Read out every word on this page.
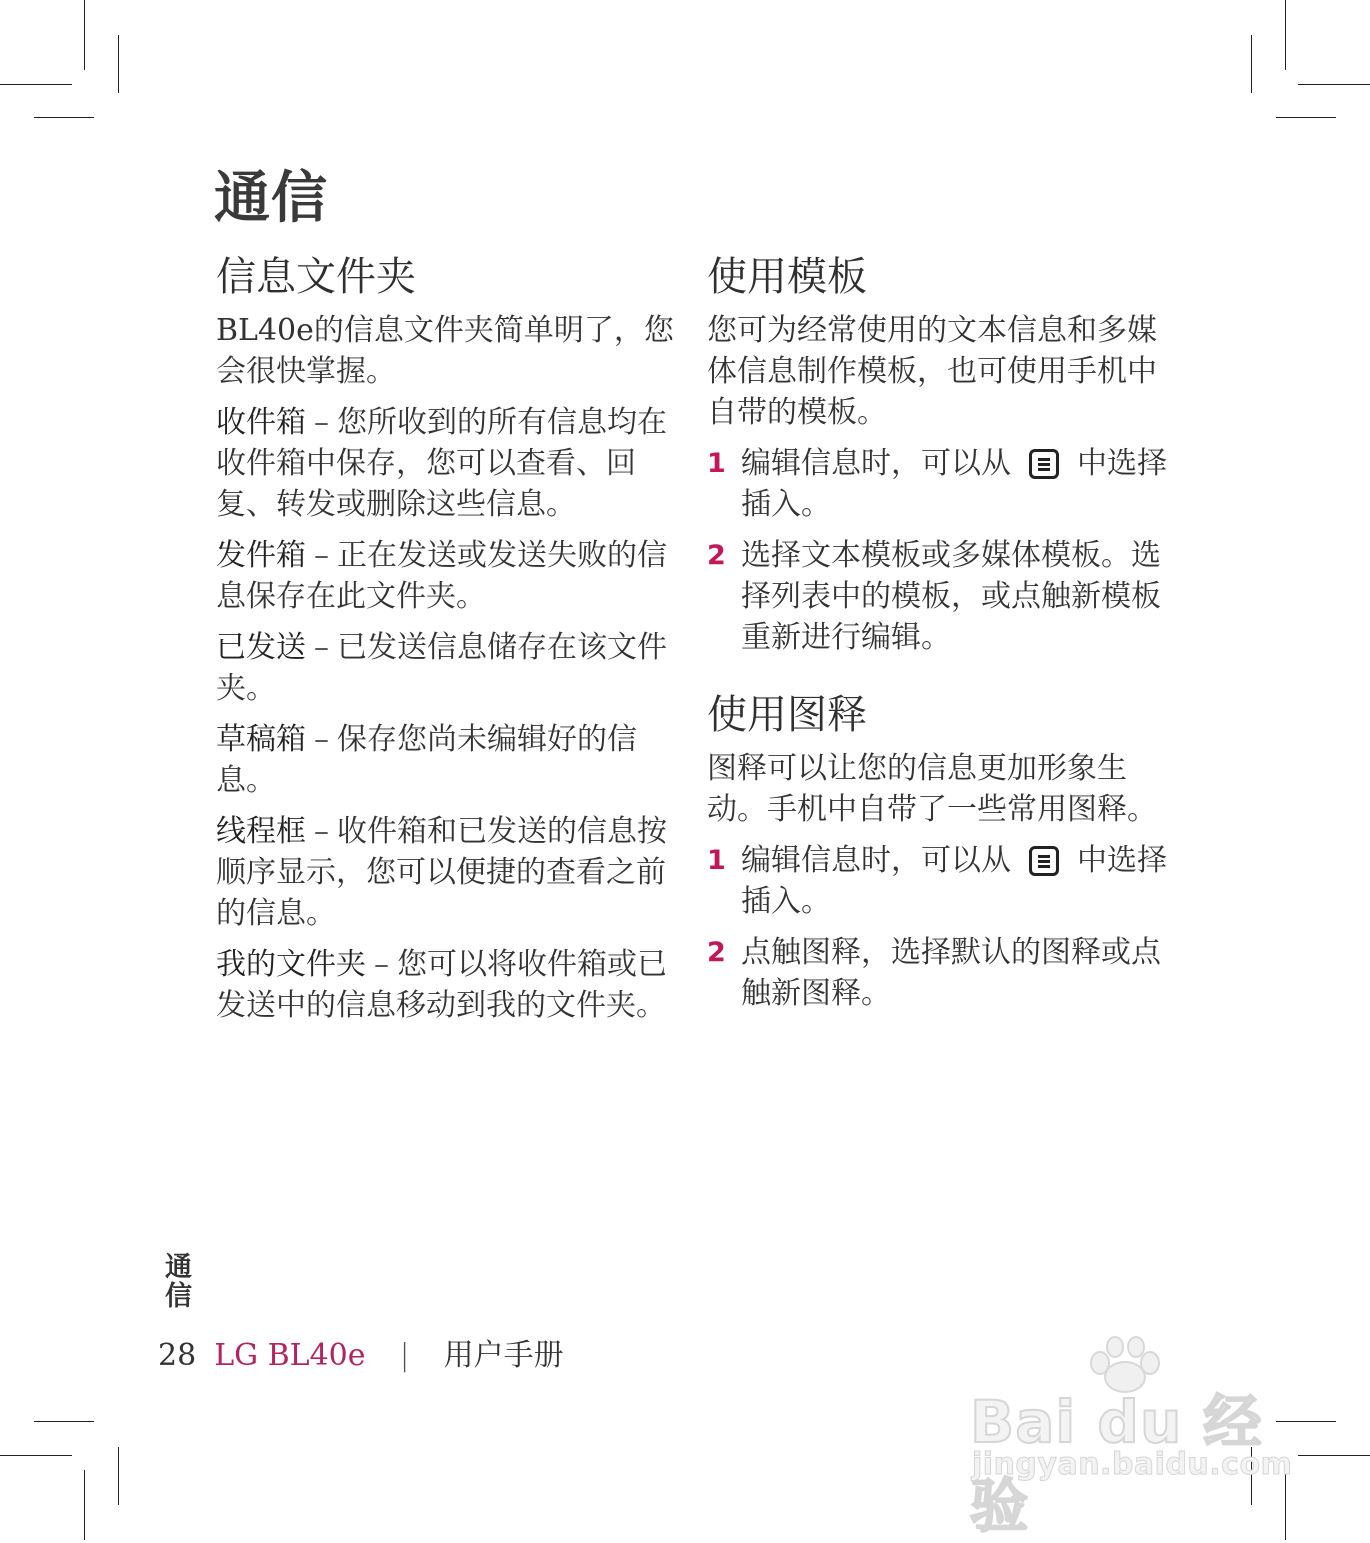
通信
信息文件夹

BL40e的信息文件夹简单明了，您会很快掌握。

收件箱 – 您所收到的所有信息均在收件箱中保存，您可以查看、回复、转发或删除这些信息。

发件箱 – 正在发送或发送失败的信息保存在此文件夹。

已发送 – 已发送信息储存在该文件夹。

草稿箱 – 保存您尚未编辑好的信息。

线程框 – 收件箱和已发送的信息按顺序显示，您可以便捷的查看之前的信息。

我的文件夹 – 您可以将收件箱或已发送中的信息移动到我的文件夹。

使用模板

您可为经常使用的文本信息和多媒体信息制作模板，也可使用手机中自带的模板。

1 编辑信息时，可以从 中选择插入。
2 选择文本模板或多媒体模板。选择列表中的模板，或点触新模板重新进行编辑。
使用图释

图释可以让您的信息更加形象生动。手机中自带了一些常用图释。

1 编辑信息时，可以从 中选择插入。
2 点触图释，选择默认的图释或点触新图释。
通信
28 LG BL40e | 用户手册
Bai du 经验
jingyan.baidu.com
